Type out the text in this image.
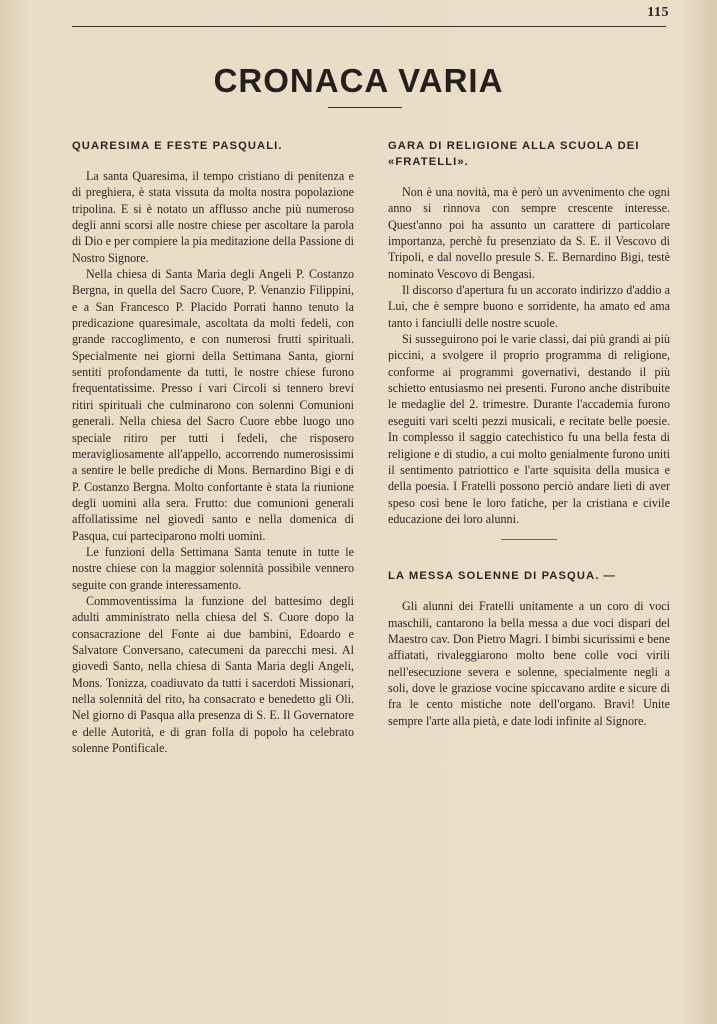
115
CRONACA VARIA
QUARESIMA E FESTE PASQUALI.

La santa Quaresima, il tempo cristiano di penitenza e di preghiera, è stata vissuta da molta nostra popolazione tripolina. E si è notato un afflusso anche più numeroso degli anni scorsi alle nostre chiese per ascoltare la parola di Dio e per compiere la pia meditazione della Passione di Nostro Signore.

Nella chiesa di Santa Maria degli Angeli P. Costanzo Bergna, in quella del Sacro Cuore, P. Venanzio Filippini, e a San Francesco P. Placido Porrati hanno tenuto la predicazione quaresimale, ascoltata da molti fedeli, con grande raccoglimento, e con numerosi frutti spirituali. Specialmente nei giorni della Settimana Santa, giorni sentiti profondamente da tutti, le nostre chiese furono frequentatissime. Presso i vari Circoli si tennero brevi ritiri spirituali che culminarono con solenni Comunioni generali. Nella chiesa del Sacro Cuore ebbe luogo uno speciale ritiro per tutti i fedeli, che risposero meravigliosamente all'appello, accorrendo numerosissimi a sentire le belle prediche di Mons. Bernardino Bigi e di P. Costanzo Bergna. Molto confortante è stata la riunione degli uomini alla sera. Frutto: due comunioni generali affollatissime nel giovedì santo e nella domenica di Pasqua, cui parteciparono molti uomini.

Le funzioni della Settimana Santa tenute in tutte le nostre chiese con la maggior solennità possibile vennero seguite con grande interessamento.

Commoventissima la funzione del battesimo degli adulti amministrato nella chiesa del S. Cuore dopo la consacrazione del Fonte ai due bambini, Edoardo e Salvatore Conversano, catecumeni da parecchi mesi. Al giovedì Santo, nella chiesa di Santa Maria degli Angeli, Mons. Tonizza, coadiuvato da tutti i sacerdoti Missionari, nella solennità del rito, ha consacrato e benedetto gli Oli. Nel giorno di Pasqua alla presenza di S. E. Il Governatore e delle Autorità, e di gran folla di popolo ha celebrato solenne Pontificale.

GARA DI RELIGIONE ALLA SCUOLA DEI «FRATELLI».

Non è una novità, ma è però un avvenimento che ogni anno si rinnova con sempre crescente interesse. Quest'anno poi ha assunto un carattere di particolare importanza, perchè fu presenziato da S. E. il Vescovo di Tripoli, e dal novello presule S. E. Bernardino Bigi, testè nominato Vescovo di Bengasi.

Il discorso d'apertura fu un accorato indirizzo d'addio a Lui, che è sempre buono e sorridente, ha amato ed ama tanto i fanciulli delle nostre scuole.

Si susseguirono poi le varie classi, dai più grandi ai più piccini, a svolgere il proprio programma di religione, conforme ai programmi governativi, destando il più schietto entusiasmo nei presenti. Furono anche distribuite le medaglie del 2. trimestre. Durante l'accademia furono eseguiti vari scelti pezzi musicali, e recitate belle poesie. In complesso il saggio catechistico fu una bella festa di religione e di studio, a cui molto genialmente furono uniti il sentimento patriottico e l'arte squisita della musica e della poesia. I Fratelli possono perciò andare lieti di aver speso così bene le loro fatiche, per la cristiana e civile educazione dei loro alunni.

LA MESSA SOLENNE DI PASQUA. —

Gli alunni dei Fratelli unitamente a un coro di voci maschili, cantarono la bella messa a due voci dispari del Maestro cav. Don Pietro Magri. I bimbi sicurissimi e bene affiatati, rivaleggiarono molto bene colle voci virili nell'esecuzione severa e solenne, specialmente negli a soli, dove le graziose vocine spiccavano ardite e sicure di fra le cento mistiche note dell'organo. Bravi! Unite sempre l'arte alla pietà, e date lodi infinite al Signore.
